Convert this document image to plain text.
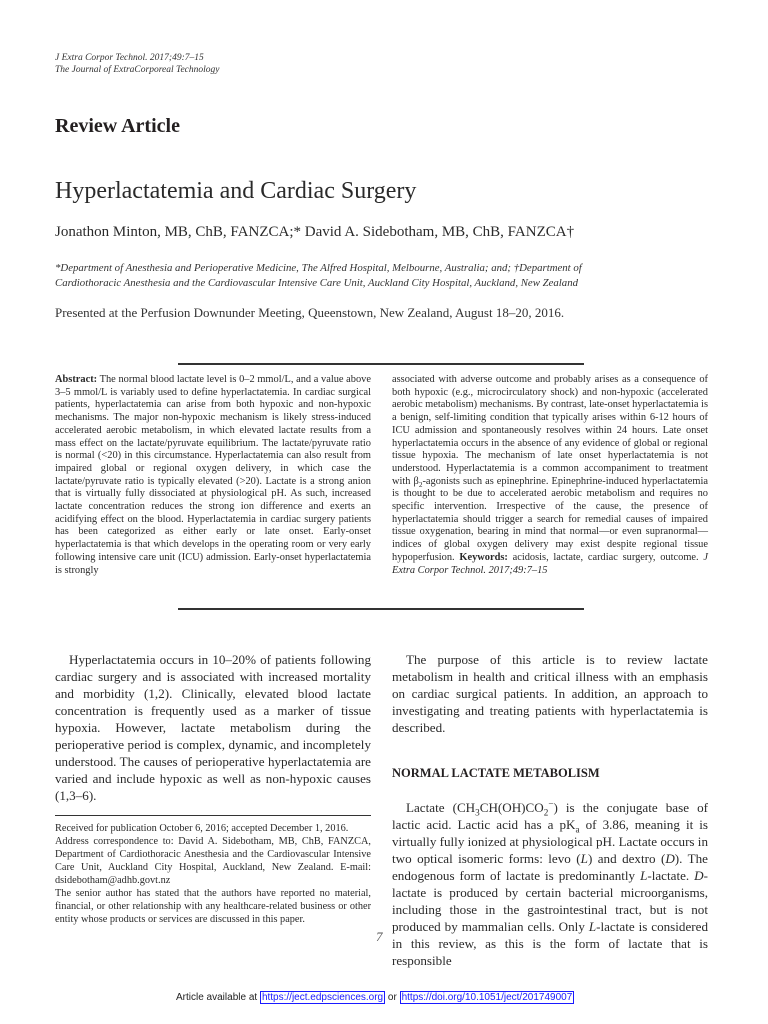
J Extra Corpor Technol. 2017;49:7–15
The Journal of ExtraCorporeal Technology
Review Article
Hyperlactatemia and Cardiac Surgery
Jonathon Minton, MB, ChB, FANZCA;* David A. Sidebotham, MB, ChB, FANZCA†
*Department of Anesthesia and Perioperative Medicine, The Alfred Hospital, Melbourne, Australia; and; †Department of
Cardiothoracic Anesthesia and the Cardiovascular Intensive Care Unit, Auckland City Hospital, Auckland, New Zealand
Presented at the Perfusion Downunder Meeting, Queenstown, New Zealand, August 18–20, 2016.

Abstract: The normal blood lactate level is 0–2 mmol/L, and a value above 3–5 mmol/L is variably used to define hyperlactatemia. In cardiac surgical patients, hyperlactatemia can arise from both hypoxic and non-hypoxic mechanisms. The major non-hypoxic mechanism is likely stress-induced accelerated aerobic metabolism, in which elevated lactate results from a mass effect on the lactate/pyruvate equilibrium. The lactate/pyruvate ratio is normal (<20) in this circumstance. Hyperlactatemia can also result from impaired global or regional oxygen delivery, in which case the lactate/pyruvate ratio is typically elevated (>20). Lactate is a strong anion that is virtually fully dissociated at physiological pH. As such, increased lactate concentration reduces the strong ion difference and exerts an acidifying effect on the blood. Hyperlactatemia in cardiac surgery patients has been categorized as either early or late onset. Early-onset hyperlactatemia is that which develops in the operating room or very early following intensive care unit (ICU) admission. Early-onset hyperlactatemia is strongly

associated with adverse outcome and probably arises as a consequence of both hypoxic (e.g., microcirculatory shock) and non-hypoxic (accelerated aerobic metabolism) mechanisms. By contrast, late-onset hyperlactatemia is a benign, self-limiting condition that typically arises within 6-12 hours of ICU admission and spontaneously resolves within 24 hours. Late onset hyperlactatemia occurs in the absence of any evidence of global or regional tissue hypoxia. The mechanism of late onset hyperlactatemia is not understood. Hyperlactatemia is a common accompaniment to treatment with $\beta_2$-agonists such as epinephrine. Epinephrine-induced hyperlactatemia is thought to be due to accelerated aerobic metabolism and requires no specific intervention. Irrespective of the cause, the presence of hyperlactatemia should trigger a search for remedial causes of impaired tissue oxygenation, bearing in mind that normal—or even supranormal—indices of global oxygen delivery may exist despite regional tissue hypoperfusion. Keywords: acidosis, lactate, cardiac surgery, outcome. J Extra Corpor Technol. 2017;49:7–15

Hyperlactatemia occurs in 10–20% of patients following cardiac surgery and is associated with increased mortality and morbidity (1,2). Clinically, elevated blood lactate concentration is frequently used as a marker of tissue hypoxia. However, lactate metabolism during the perioperative period is complex, dynamic, and incompletely understood. The causes of perioperative hyperlactatemia are varied and include hypoxic as well as non-hypoxic causes (1,3–6).

Received for publication October 6, 2016; accepted December 1, 2016.

Address correspondence to: David A. Sidebotham, MB, ChB, FANZCA, Department of Cardiothoracic Anesthesia and the Cardiovascular Intensive Care Unit, Auckland City Hospital, Auckland, New Zealand. E-mail: dsidebotham@adhb.govt.nz

The senior author has stated that the authors have reported no material, financial, or other relationship with any healthcare-related business or other entity whose products or services are discussed in this paper.

The purpose of this article is to review lactate metabolism in health and critical illness with an emphasis on cardiac surgical patients. In addition, an approach to investigating and treating patients with hyperlactatemia is described.

NORMAL LACTATE METABOLISM

Lactate $(CH_3CH(OH)CO_2^-)$ is the conjugate base of lactic acid. Lactic acid has a $pK_a$ of 3.86, meaning it is virtually fully ionized at physiological pH. Lactate occurs in two optical isomeric forms: levo (L) and dextro (D). The endogenous form of lactate is predominantly L-lactate. D-lactate is produced by certain bacterial microorganisms, including those in the gastrointestinal tract, but is not produced by mammalian cells. Only L-lactate is considered in this review, as this is the form of lactate that is responsible

7
Article available at https://ject.edpsciences.org or https://doi.org/10.1051/ject/201749007
